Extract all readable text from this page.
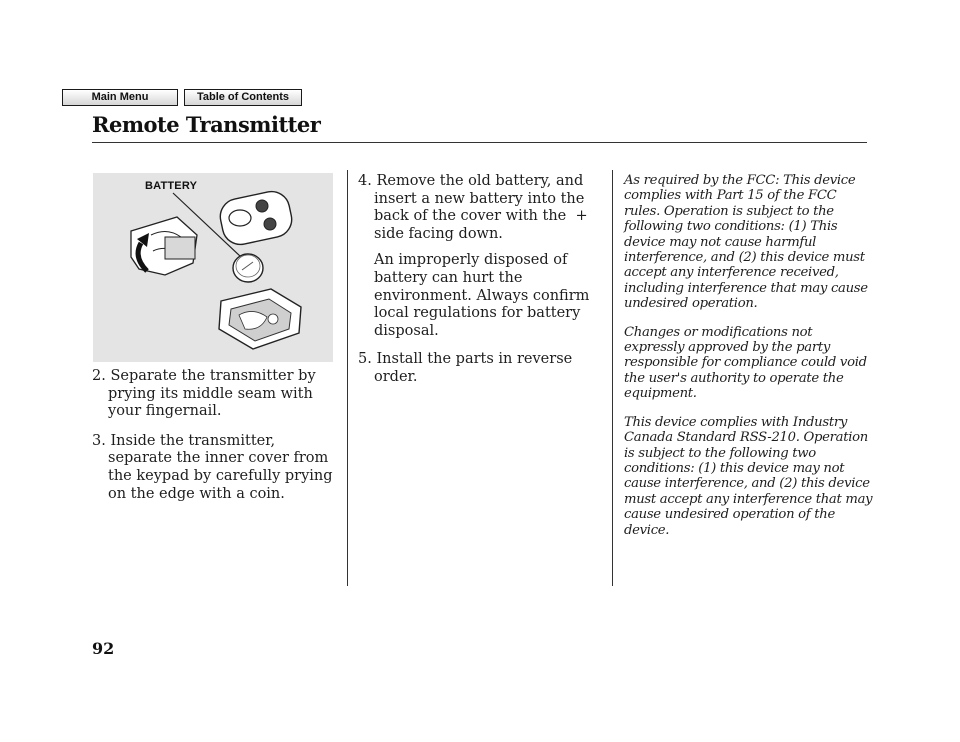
Main Menu	Table of Contents
Remote Transmitter
BATTERY

2. Separate the transmitter by prying its middle seam with your fingernail.

3. Inside the transmitter, separate the inner cover from the keypad by carefully prying on the edge with a coin.

4. Remove the old battery, and insert a new battery into the back of the cover with the  +  side facing down.

An improperly disposed of battery can hurt the environment. Always confirm local regulations for battery disposal.

5. Install the parts in reverse order.

As required by the FCC: This device complies with Part 15 of the FCC rules. Operation is subject to the following two conditions: (1) This device may not cause harmful interference, and (2) this device must accept any interference received, including interference that may cause undesired operation.

Changes or modifications not expressly approved by the party responsible for compliance could void the user's authority to operate the equipment.

This device complies with Industry Canada Standard RSS-210. Operation is subject to the following two conditions: (1) this device may not cause interference, and (2) this device must accept any interference that may cause undesired operation of the device.

92
